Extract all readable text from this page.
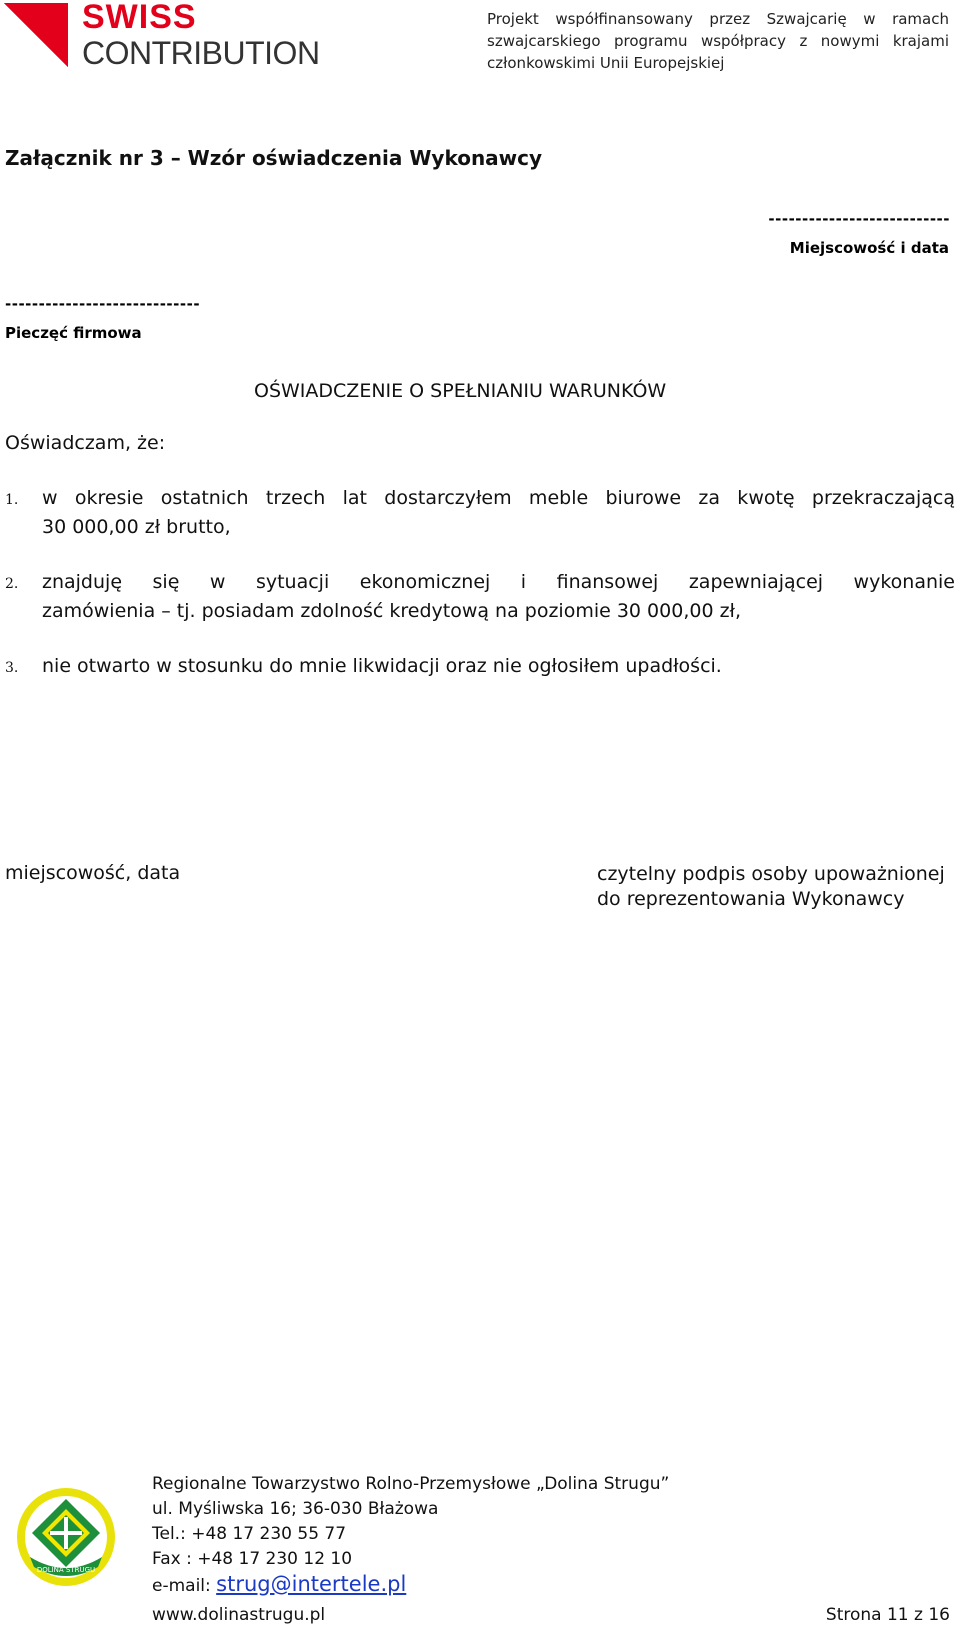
SWISS
CONTRIBUTION
Projekt współfinansowany przez Szwajcarię w ramach
szwajcarskiego programu współpracy z nowymi krajami
członkowskimi Unii Europejskiej
Załącznik nr 3 – Wzór oświadczenia Wykonawcy
---------------------------
Miejscowość i data
-----------------------------
Pieczęć firmowa
OŚWIADCZENIE O SPEŁNIANIU WARUNKÓW
Oświadczam, że:
1. w okresie ostatnich trzech lat dostarczyłem meble biurowe za kwotę przekraczającą
30 000,00 zł brutto,
2. znajduję się w sytuacji ekonomicznej i finansowej zapewniającej wykonanie
zamówienia – tj. posiadam zdolność kredytową na poziomie 30 000,00 zł,
3. nie otwarto w stosunku do mnie likwidacji oraz nie ogłosiłem upadłości.
miejscowość, data	czytelny podpis osoby upoważnionej
do reprezentowania Wykonawcy
DOLINA STRUGU
Regionalne Towarzystwo Rolno-Przemysłowe „Dolina Strugu”
ul. Myśliwska 16; 36-030 Błażowa
Tel.: +48 17 230 55 77
Fax : +48 17 230 12 10
e-mail: strug@intertele.pl
www.dolinastrugu.pl	Strona 11 z 16
